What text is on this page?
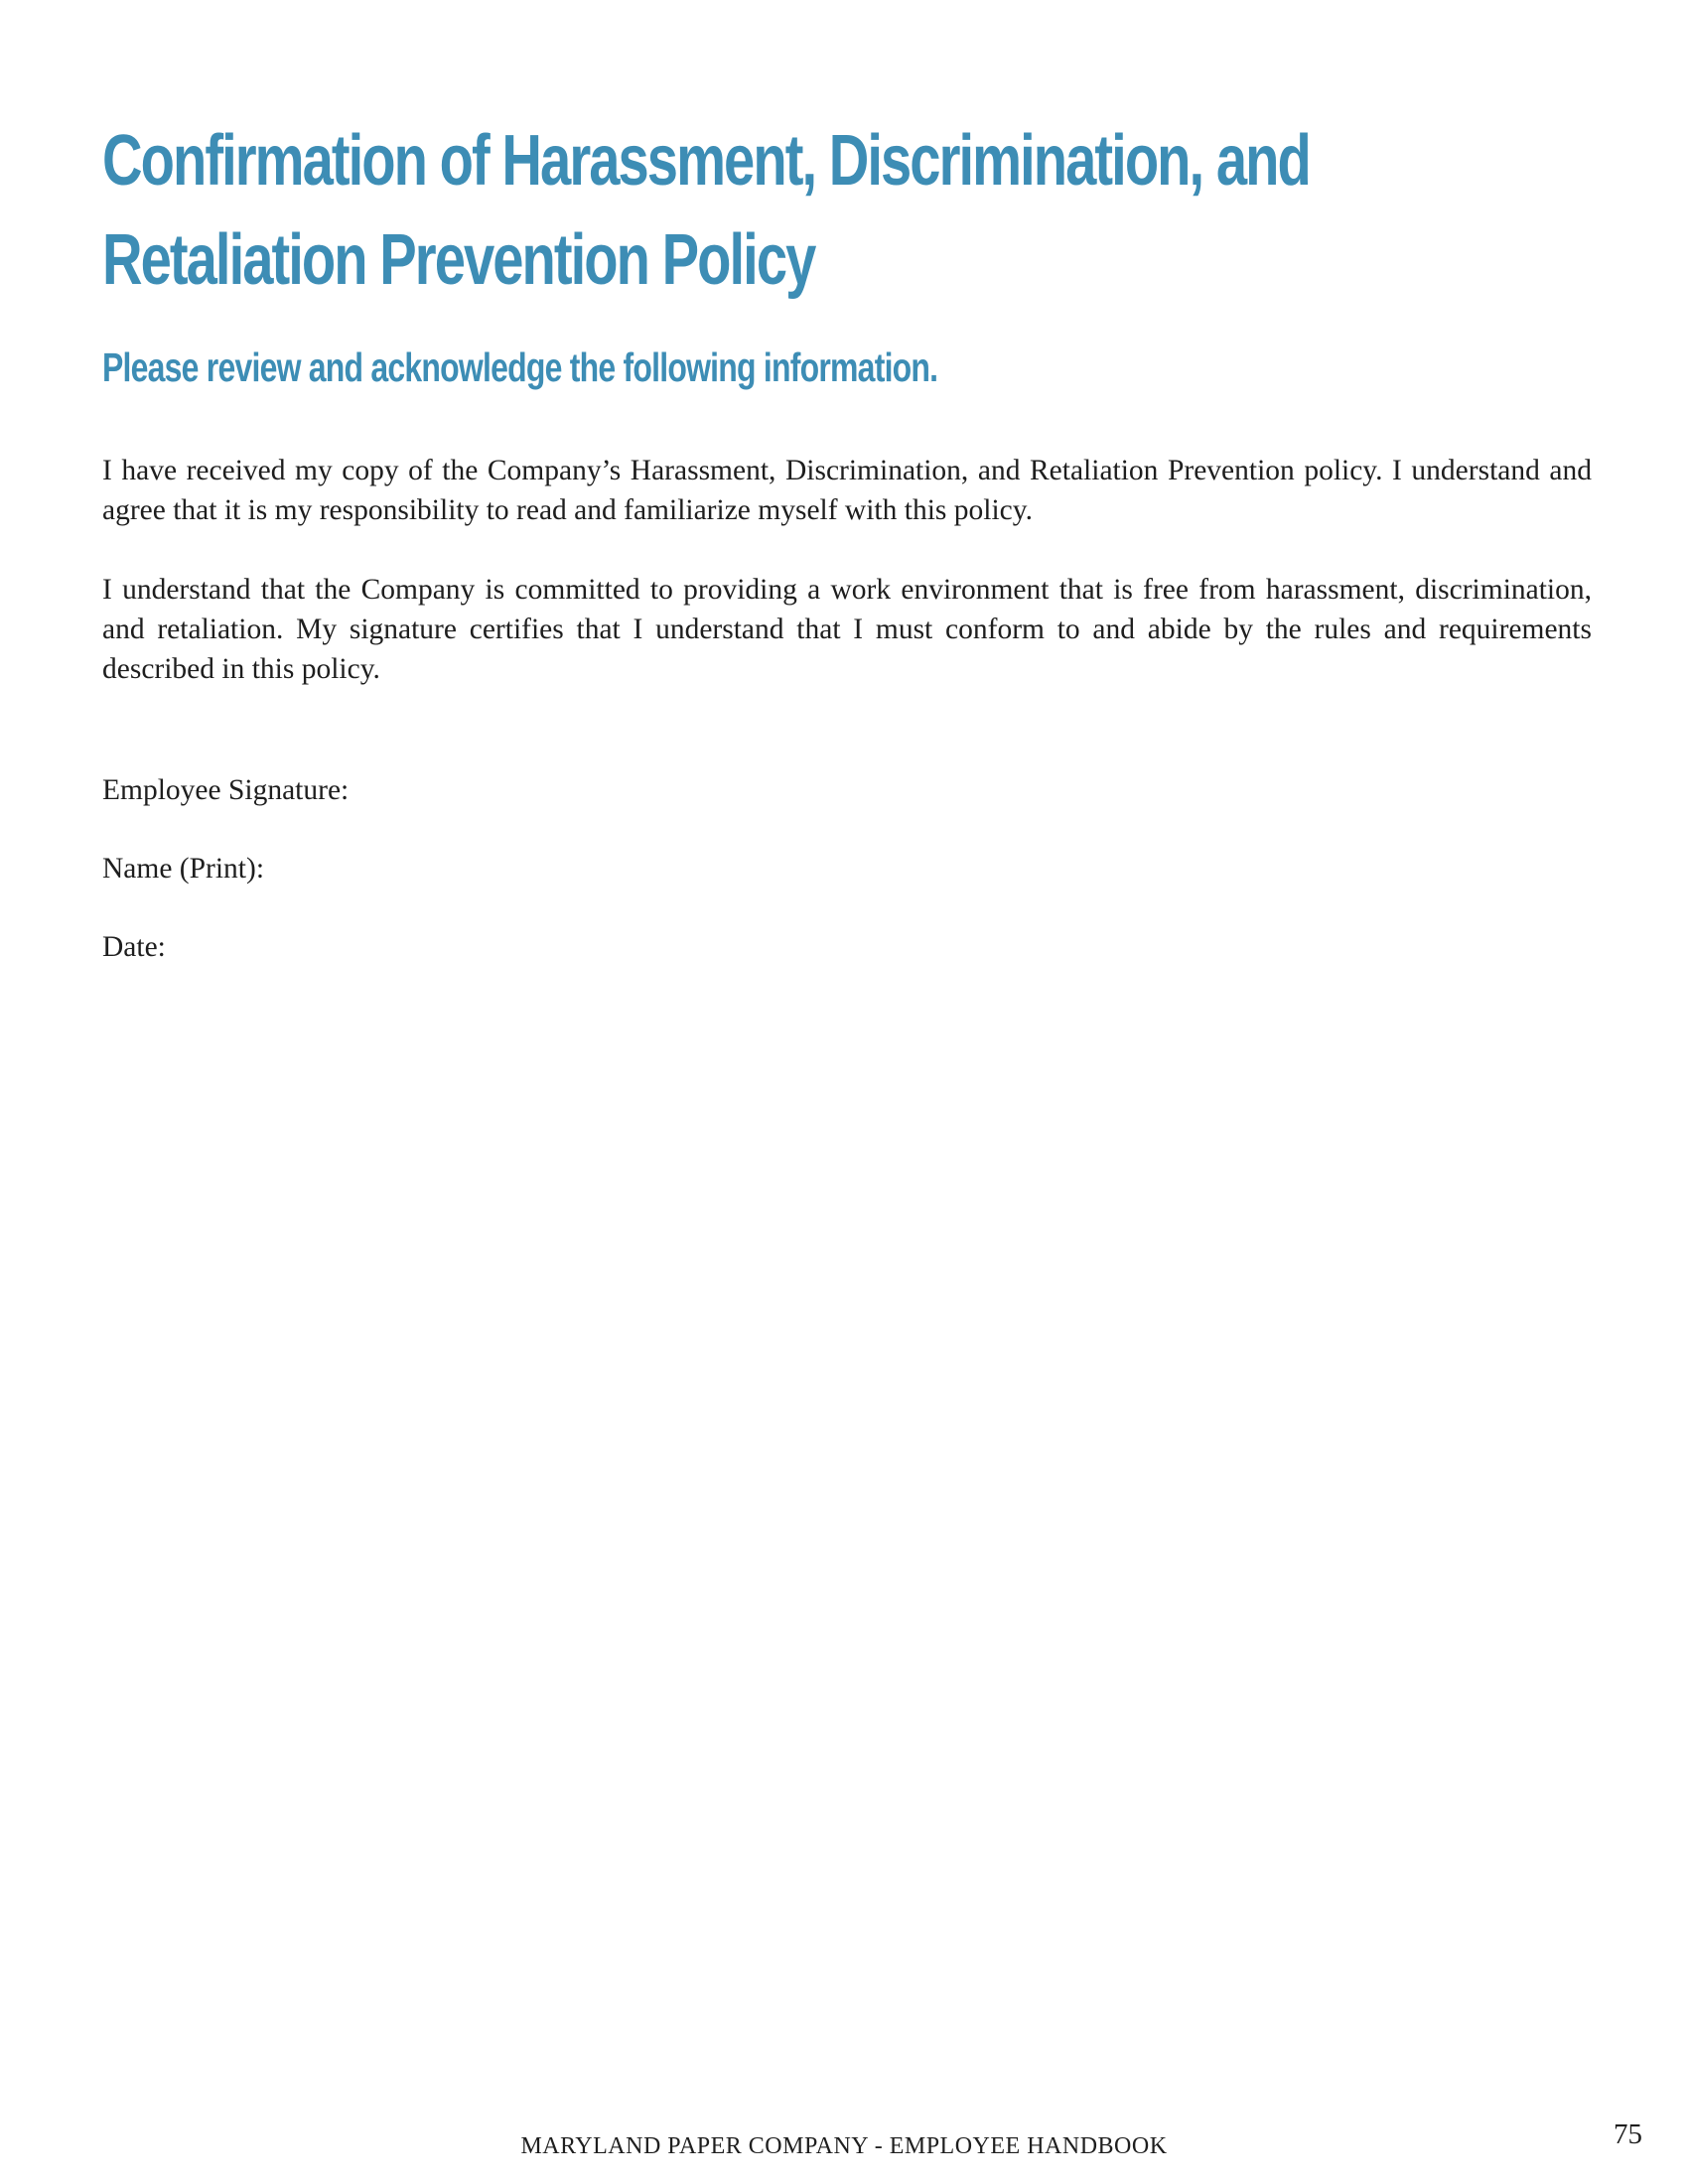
Confirmation of Harassment, Discrimination, and Retaliation Prevention Policy
Please review and acknowledge the following information.

I have received my copy of the Company’s Harassment, Discrimination, and Retaliation Prevention policy. I understand and agree that it is my responsibility to read and familiarize myself with this policy.

I understand that the Company is committed to providing a work environment that is free from harassment, discrimination, and retaliation. My signature certifies that I understand that I must conform to and abide by the rules and requirements described in this policy.

Employee Signature:
Name (Print):
Date:
MARYLAND PAPER COMPANY - EMPLOYEE HANDBOOK	75
